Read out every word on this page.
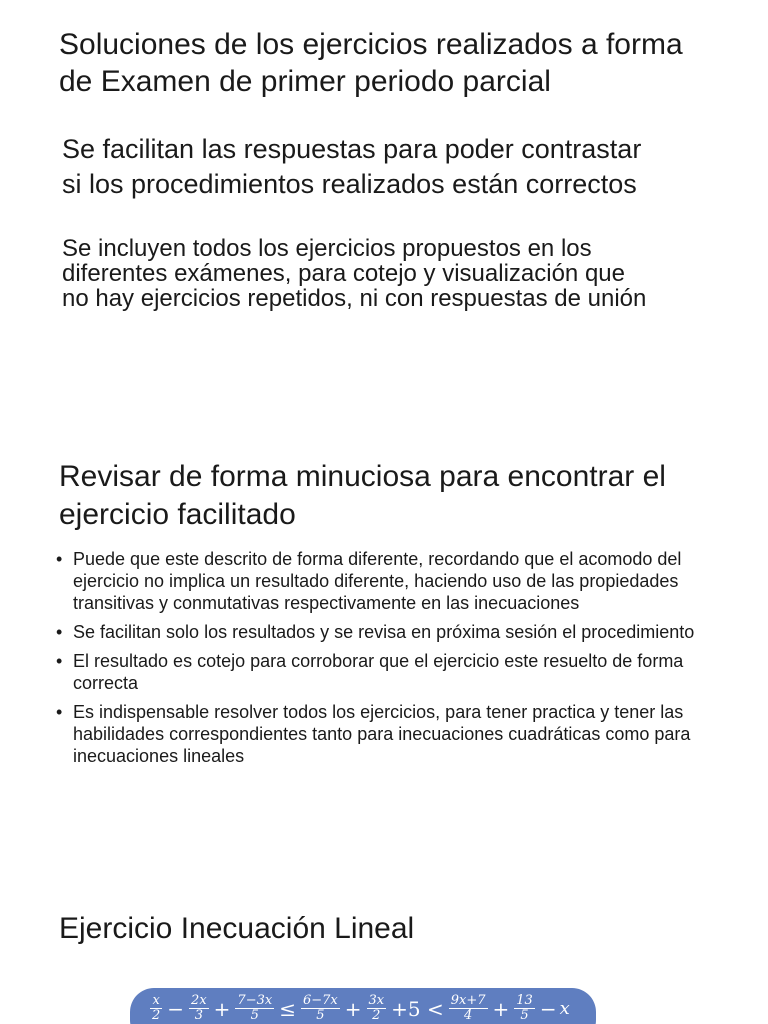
Soluciones de los ejercicios realizados a forma
de Examen de primer periodo parcial

Se facilitan las respuestas para poder contrastar
si los procedimientos realizados están correctos

Se incluyen todos los ejercicios propuestos en los
diferentes exámenes, para cotejo y visualización que
no hay ejercicios repetidos, ni con respuestas de unión

Revisar de forma minuciosa para encontrar el
ejercicio facilitado
• Puede que este descrito de forma diferente, recordando que el acomodo del ejercicio no implica un resultado diferente, haciendo uso de las propiedades transitivas y conmutativas respectivamente en las inecuaciones
• Se facilitan solo los resultados y se revisa en próxima sesión el procedimiento
• El resultado es cotejo para corroborar que el ejercicio este resuelto de forma correcta
• Es indispensable resolver todos los ejercicios, para tener practica y tener las habilidades correspondientes tanto para inecuaciones cuadráticas como para inecuaciones lineales
Ejercicio Inecuación Lineal
$\frac{x}{2} - \frac{2x}{3} + \frac{7-3x}{5} \le \frac{6-7x}{5} + \frac{3x}{2} +5 < \frac{9x+7}{4} + \frac{13}{5} - x$
